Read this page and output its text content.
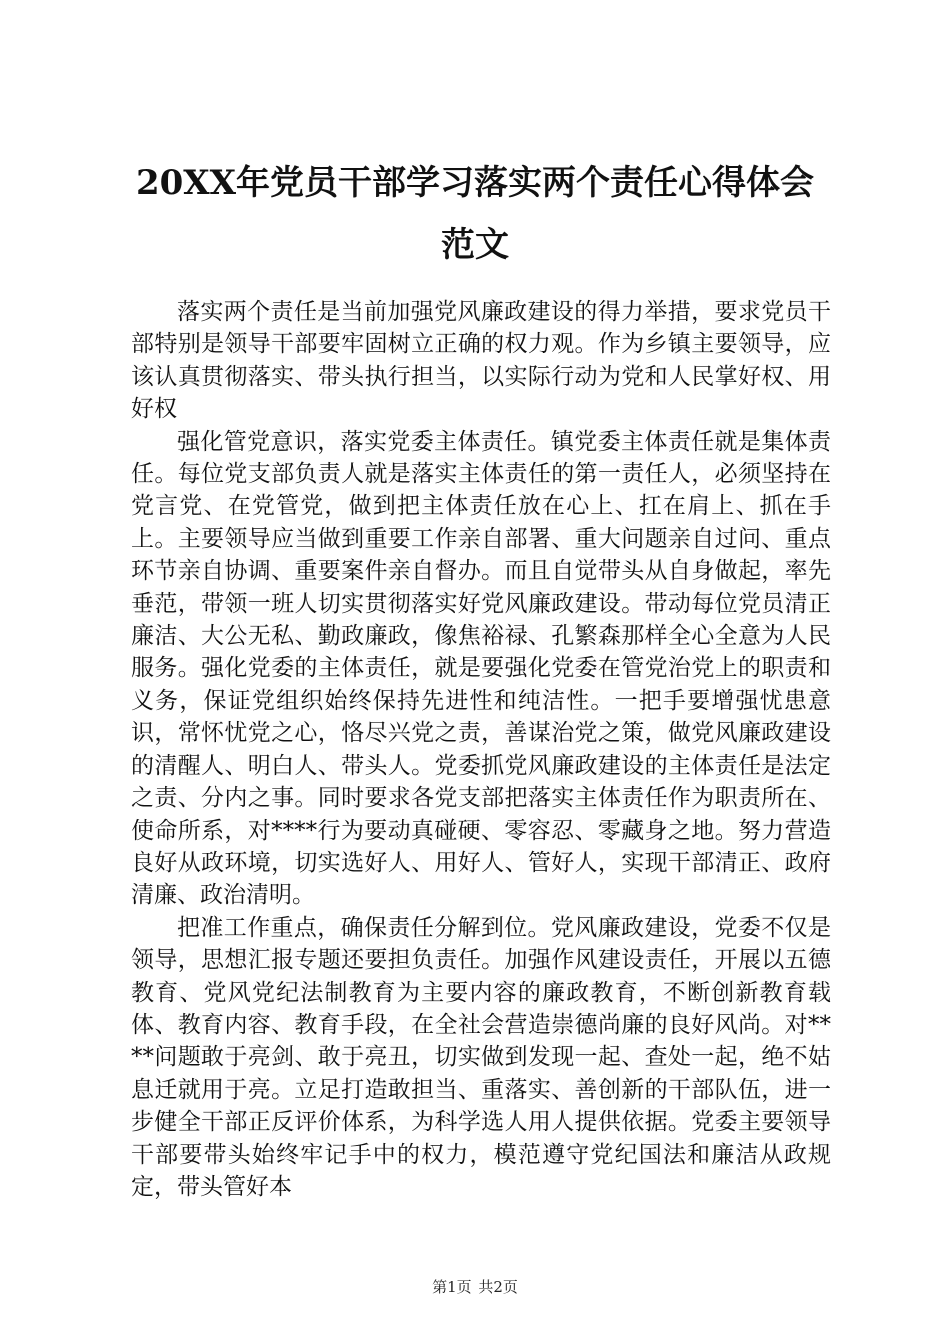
20XX年党员干部学习落实两个责任心得体会
范文

落实两个责任是当前加强党风廉政建设的得力举措，要求党员干部特别是领导干部要牢固树立正确的权力观。作为乡镇主要领导，应该认真贯彻落实、带头执行担当，以实际行动为党和人民掌好权、用好权

强化管党意识，落实党委主体责任。镇党委主体责任就是集体责任。每位党支部负责人就是落实主体责任的第一责任人，必须坚持在党言党、在党管党，做到把主体责任放在心上、扛在肩上、抓在手上。主要领导应当做到重要工作亲自部署、重大问题亲自过问、重点环节亲自协调、重要案件亲自督办。而且自觉带头从自身做起，率先垂范，带领一班人切实贯彻落实好党风廉政建设。带动每位党员清正廉洁、大公无私、勤政廉政，像焦裕禄、孔繁森那样全心全意为人民服务。强化党委的主体责任，就是要强化党委在管党治党上的职责和义务，保证党组织始终保持先进性和纯洁性。一把手要增强忧患意识，常怀忧党之心，恪尽兴党之责，善谋治党之策，做党风廉政建设的清醒人、明白人、带头人。党委抓党风廉政建设的主体责任是法定之责、分内之事。同时要求各党支部把落实主体责任作为职责所在、使命所系，对****行为要动真碰硬、零容忍、零藏身之地。努力营造良好从政环境，切实选好人、用好人、管好人，实现干部清正、政府清廉、政治清明。

把准工作重点，确保责任分解到位。党风廉政建设，党委不仅是领导，思想汇报专题还要担负责任。加强作风建设责任，开展以五德教育、党风党纪法制教育为主要内容的廉政教育，不断创新教育载体、教育内容、教育手段，在全社会营造崇德尚廉的良好风尚。对****问题敢于亮剑、敢于亮丑，切实做到发现一起、查处一起，绝不姑息迁就用于亮。立足打造敢担当、重落实、善创新的干部队伍，进一步健全干部正反评价体系，为科学选人用人提供依据。党委主要领导干部要带头始终牢记手中的权力，模范遵守党纪国法和廉洁从政规定，带头管好本

第1页 共2页
